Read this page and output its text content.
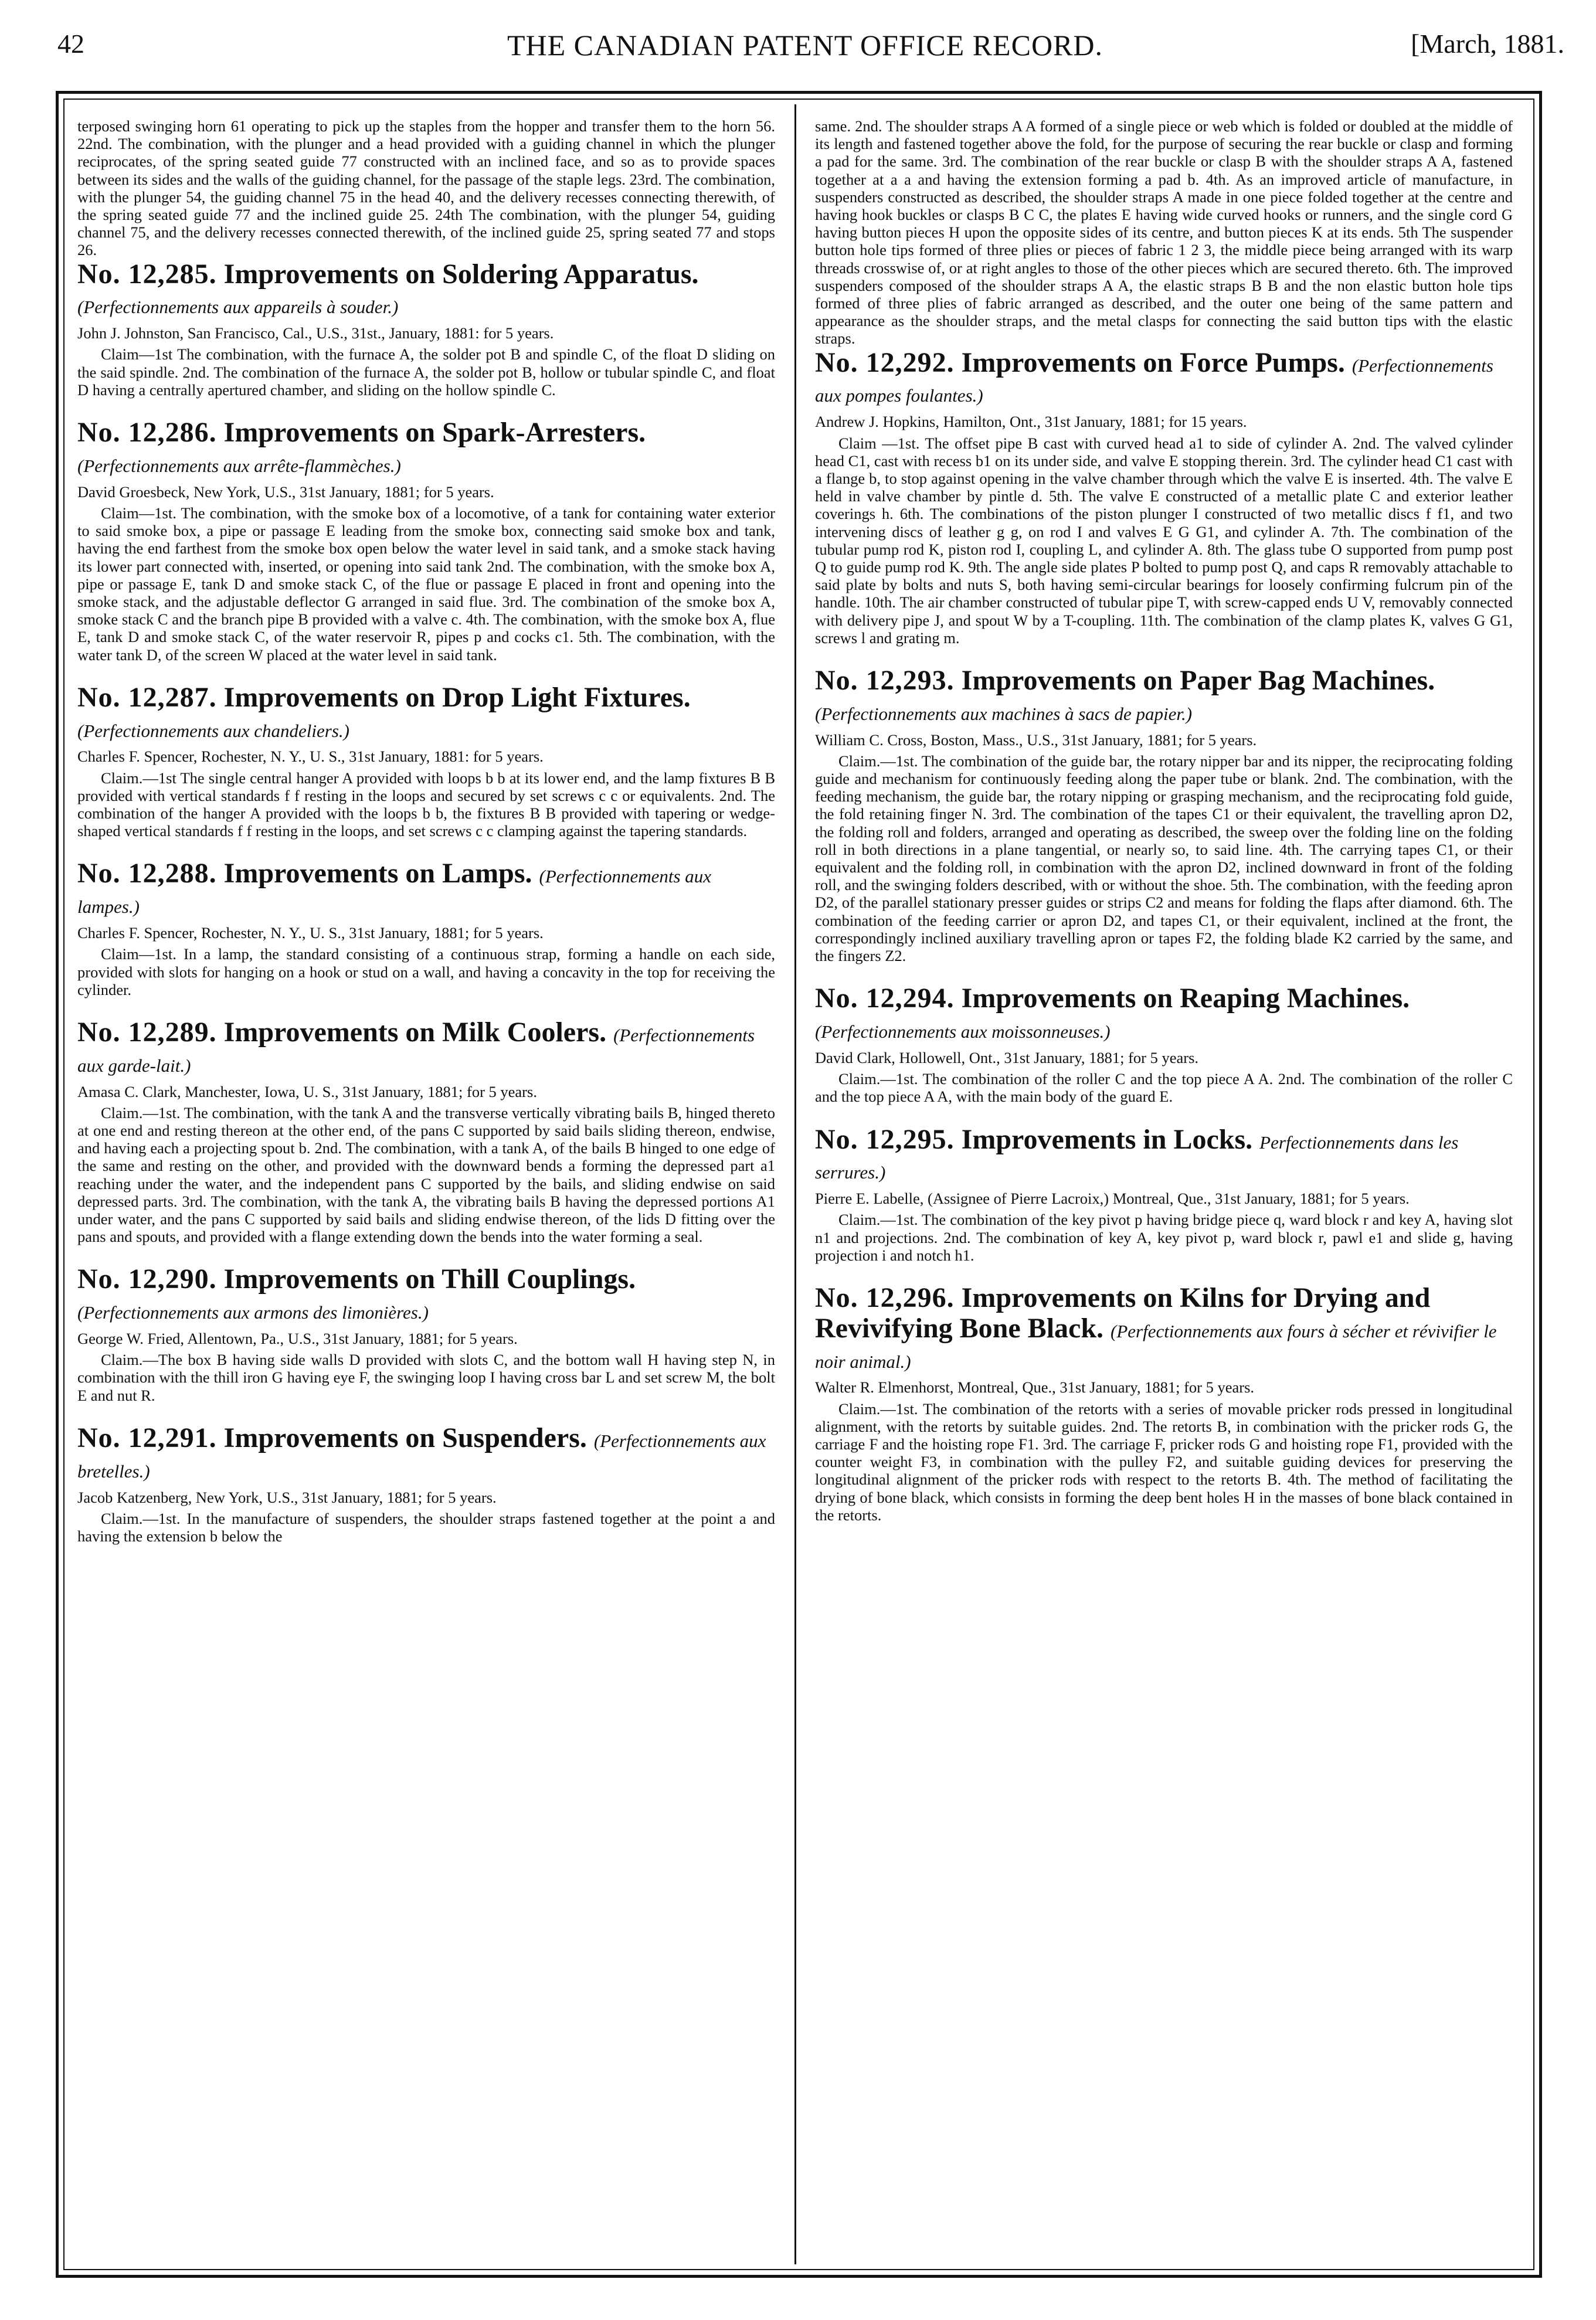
42	THE CANADIAN PATENT OFFICE RECORD.	[March, 1881.

terposed swinging horn 61 operating to pick up the staples from the hopper and transfer them to the horn 56. 22nd. The combination, with the plunger and a head provided with a guiding channel in which the plunger reciprocates, of the spring seated guide 77 constructed with an inclined face, and so as to provide spaces between its sides and the walls of the guiding channel, for the passage of the staple legs. 23rd. The combination, with the plunger 54, the guiding channel 75 in the head 40, and the delivery recesses connecting therewith, of the spring seated guide 77 and the inclined guide 25. 24th The combination, with the plunger 54, guiding channel 75, and the delivery recesses connected therewith, of the inclined guide 25, spring seated 77 and stops 26.

No. 12,285. Improvements on Soldering Apparatus. (Perfectionnements aux appareils à souder.)

John J. Johnston, San Francisco, Cal., U.S., 31st., January, 1881: for 5 years.

Claim—1st The combination, with the furnace A, the solder pot B and spindle C, of the float D sliding on the said spindle. 2nd. The combination of the furnace A, the solder pot B, hollow or tubular spindle C, and float D having a centrally apertured chamber, and sliding on the hollow spindle C.

No. 12,286. Improvements on Spark-Arresters. (Perfectionnements aux arrête-flammèches.)

David Groesbeck, New York, U.S., 31st January, 1881; for 5 years.

Claim—1st. The combination, with the smoke box of a locomotive, of a tank for containing water exterior to said smoke box, a pipe or passage E leading from the smoke box, connecting said smoke box and tank, having the end farthest from the smoke box open below the water level in said tank, and a smoke stack having its lower part connected with, inserted, or opening into said tank 2nd. The combination, with the smoke box A, pipe or passage E, tank D and smoke stack C, of the flue or passage E placed in front and opening into the smoke stack, and the adjustable deflector G arranged in said flue. 3rd. The combination of the smoke box A, smoke stack C and the branch pipe B provided with a valve c. 4th. The combination, with the smoke box A, flue E, tank D and smoke stack C, of the water reservoir R, pipes p and cocks c1. 5th. The combination, with the water tank D, of the screen W placed at the water level in said tank.

No. 12,287. Improvements on Drop Light Fixtures. (Perfectionnements aux chandeliers.)

Charles F. Spencer, Rochester, N. Y., U. S., 31st January, 1881: for 5 years.

Claim.—1st The single central hanger A provided with loops b b at its lower end, and the lamp fixtures B B provided with vertical standards f f resting in the loops and secured by set screws c c or equivalents. 2nd. The combination of the hanger A provided with the loops b b, the fixtures B B provided with tapering or wedge-shaped vertical standards f f resting in the loops, and set screws c c clamping against the tapering standards.

No. 12,288. Improvements on Lamps. (Perfectionnements aux lampes.)

Charles F. Spencer, Rochester, N. Y., U. S., 31st January, 1881; for 5 years.

Claim—1st. In a lamp, the standard consisting of a continuous strap, forming a handle on each side, provided with slots for hanging on a hook or stud on a wall, and having a concavity in the top for receiving the cylinder.

No. 12,289. Improvements on Milk Coolers. (Perfectionnements aux garde-lait.)

Amasa C. Clark, Manchester, Iowa, U. S., 31st January, 1881; for 5 years.

Claim.—1st. The combination, with the tank A and the transverse vertically vibrating bails B, hinged thereto at one end and resting thereon at the other end, of the pans C supported by said bails sliding thereon, endwise, and having each a projecting spout b. 2nd. The combination, with a tank A, of the bails B hinged to one edge of the same and resting on the other, and provided with the downward bends a forming the depressed part a1 reaching under the water, and the independent pans C supported by the bails, and sliding endwise on said depressed parts. 3rd. The combination, with the tank A, the vibrating bails B having the depressed portions A1 under water, and the pans C supported by said bails and sliding endwise thereon, of the lids D fitting over the pans and spouts, and provided with a flange extending down the bends into the water forming a seal.

No. 12,290. Improvements on Thill Couplings. (Perfectionnements aux armons des limonières.)

George W. Fried, Allentown, Pa., U.S., 31st January, 1881; for 5 years.

Claim.—The box B having side walls D provided with slots C, and the bottom wall H having step N, in combination with the thill iron G having eye F, the swinging loop I having cross bar L and set screw M, the bolt E and nut R.

No. 12,291. Improvements on Suspenders. (Perfectionnements aux bretelles.)

Jacob Katzenberg, New York, U.S., 31st January, 1881; for 5 years.

Claim.—1st. In the manufacture of suspenders, the shoulder straps fastened together at the point a and having the extension b below the

same. 2nd. The shoulder straps A A formed of a single piece or web which is folded or doubled at the middle of its length and fastened together above the fold, for the purpose of securing the rear buckle or clasp and forming a pad for the same. 3rd. The combination of the rear buckle or clasp B with the shoulder straps A A, fastened together at a a and having the extension forming a pad b. 4th. As an improved article of manufacture, in suspenders constructed as described, the shoulder straps A made in one piece folded together at the centre and having hook buckles or clasps B C C, the plates E having wide curved hooks or runners, and the single cord G having button pieces H upon the opposite sides of its centre, and button pieces K at its ends. 5th The suspender button hole tips formed of three plies or pieces of fabric 1 2 3, the middle piece being arranged with its warp threads crosswise of, or at right angles to those of the other pieces which are secured thereto. 6th. The improved suspenders composed of the shoulder straps A A, the elastic straps B B and the non elastic button hole tips formed of three plies of fabric arranged as described, and the outer one being of the same pattern and appearance as the shoulder straps, and the metal clasps for connecting the said button tips with the elastic straps.

No. 12,292. Improvements on Force Pumps. (Perfectionnements aux pompes foulantes.)

Andrew J. Hopkins, Hamilton, Ont., 31st January, 1881; for 15 years.

Claim —1st. The offset pipe B cast with curved head a1 to side of cylinder A. 2nd. The valved cylinder head C1, cast with recess b1 on its under side, and valve E stopping therein. 3rd. The cylinder head C1 cast with a flange b, to stop against opening in the valve chamber through which the valve E is inserted. 4th. The valve E held in valve chamber by pintle d. 5th. The valve E constructed of a metallic plate C and exterior leather coverings h. 6th. The combinations of the piston plunger I constructed of two metallic discs f f1, and two intervening discs of leather g g, on rod I and valves E G G1, and cylinder A. 7th. The combination of the tubular pump rod K, piston rod I, coupling L, and cylinder A. 8th. The glass tube O supported from pump post Q to guide pump rod K. 9th. The angle side plates P bolted to pump post Q, and caps R removably attachable to said plate by bolts and nuts S, both having semi-circular bearings for loosely confirming fulcrum pin of the handle. 10th. The air chamber constructed of tubular pipe T, with screw-capped ends U V, removably connected with delivery pipe J, and spout W by a T-coupling. 11th. The combination of the clamp plates K, valves G G1, screws l and grating m.

No. 12,293. Improvements on Paper Bag Machines. (Perfectionnements aux machines à sacs de papier.)

William C. Cross, Boston, Mass., U.S., 31st January, 1881; for 5 years.

Claim.—1st. The combination of the guide bar, the rotary nipper bar and its nipper, the reciprocating folding guide and mechanism for continuously feeding along the paper tube or blank. 2nd. The combination, with the feeding mechanism, the guide bar, the rotary nipping or grasping mechanism, and the reciprocating fold guide, the fold retaining finger N. 3rd. The combination of the tapes C1 or their equivalent, the travelling apron D2, the folding roll and folders, arranged and operating as described, the sweep over the folding line on the folding roll in both directions in a plane tangential, or nearly so, to said line. 4th. The carrying tapes C1, or their equivalent and the folding roll, in combination with the apron D2, inclined downward in front of the folding roll, and the swinging folders described, with or without the shoe. 5th. The combination, with the feeding apron D2, of the parallel stationary presser guides or strips C2 and means for folding the flaps after diamond. 6th. The combination of the feeding carrier or apron D2, and tapes C1, or their equivalent, inclined at the front, the correspondingly inclined auxiliary travelling apron or tapes F2, the folding blade K2 carried by the same, and the fingers Z2.

No. 12,294. Improvements on Reaping Machines. (Perfectionnements aux moissonneuses.)

David Clark, Hollowell, Ont., 31st January, 1881; for 5 years.

Claim.—1st. The combination of the roller C and the top piece A A. 2nd. The combination of the roller C and the top piece A A, with the main body of the guard E.

No. 12,295. Improvements in Locks. Perfectionnements dans les serrures.)

Pierre E. Labelle, (Assignee of Pierre Lacroix,) Montreal, Que., 31st January, 1881; for 5 years.

Claim.—1st. The combination of the key pivot p having bridge piece q, ward block r and key A, having slot n1 and projections. 2nd. The combination of key A, key pivot p, ward block r, pawl e1 and slide g, having projection i and notch h1.

No. 12,296. Improvements on Kilns for Drying and Revivifying Bone Black. (Perfectionnements aux fours à sécher et révivifier le noir animal.)

Walter R. Elmenhorst, Montreal, Que., 31st January, 1881; for 5 years.

Claim.—1st. The combination of the retorts with a series of movable pricker rods pressed in longitudinal alignment, with the retorts by suitable guides. 2nd. The retorts B, in combination with the pricker rods G, the carriage F and the hoisting rope F1. 3rd. The carriage F, pricker rods G and hoisting rope F1, provided with the counter weight F3, in combination with the pulley F2, and suitable guiding devices for preserving the longitudinal alignment of the pricker rods with respect to the retorts B. 4th. The method of facilitating the drying of bone black, which consists in forming the deep bent holes H in the masses of bone black contained in the retorts.
